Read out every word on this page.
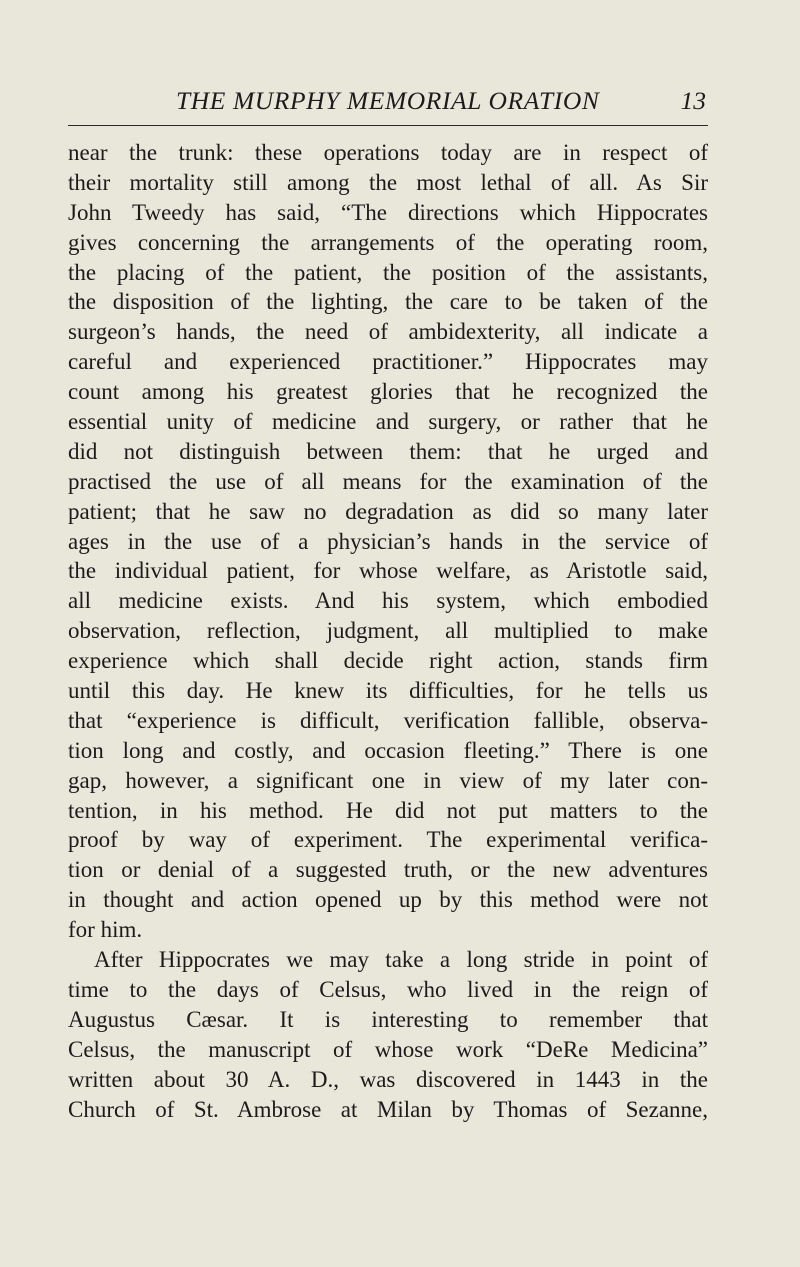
THE MURPHY MEMORIAL ORATION	13
near the trunk: these operations today are in respect of
their mortality still among the most lethal of all. As Sir
John Tweedy has said, “The directions which Hippocrates
gives concerning the arrangements of the operating room,
the placing of the patient, the position of the assistants,
the disposition of the lighting, the care to be taken of the
surgeon’s hands, the need of ambidexterity, all indicate a
careful and experienced practitioner.” Hippocrates may
count among his greatest glories that he recognized the
essential unity of medicine and surgery, or rather that he
did not distinguish between them: that he urged and
practised the use of all means for the examination of the
patient; that he saw no degradation as did so many later
ages in the use of a physician’s hands in the service of
the individual patient, for whose welfare, as Aristotle said,
all medicine exists. And his system, which embodied
observation, reflection, judgment, all multiplied to make
experience which shall decide right action, stands firm
until this day. He knew its difficulties, for he tells us
that “experience is difficult, verification fallible, observa-
tion long and costly, and occasion fleeting.” There is one
gap, however, a significant one in view of my later con-
tention, in his method. He did not put matters to the
proof by way of experiment. The experimental verifica-
tion or denial of a suggested truth, or the new adventures
in thought and action opened up by this method were not
for him.
After Hippocrates we may take a long stride in point of
time to the days of Celsus, who lived in the reign of
Augustus Cæsar. It is interesting to remember that
Celsus, the manuscript of whose work “DeRe Medicina”
written about 30 A. D., was discovered in 1443 in the
Church of St. Ambrose at Milan by Thomas of Sezanne,
